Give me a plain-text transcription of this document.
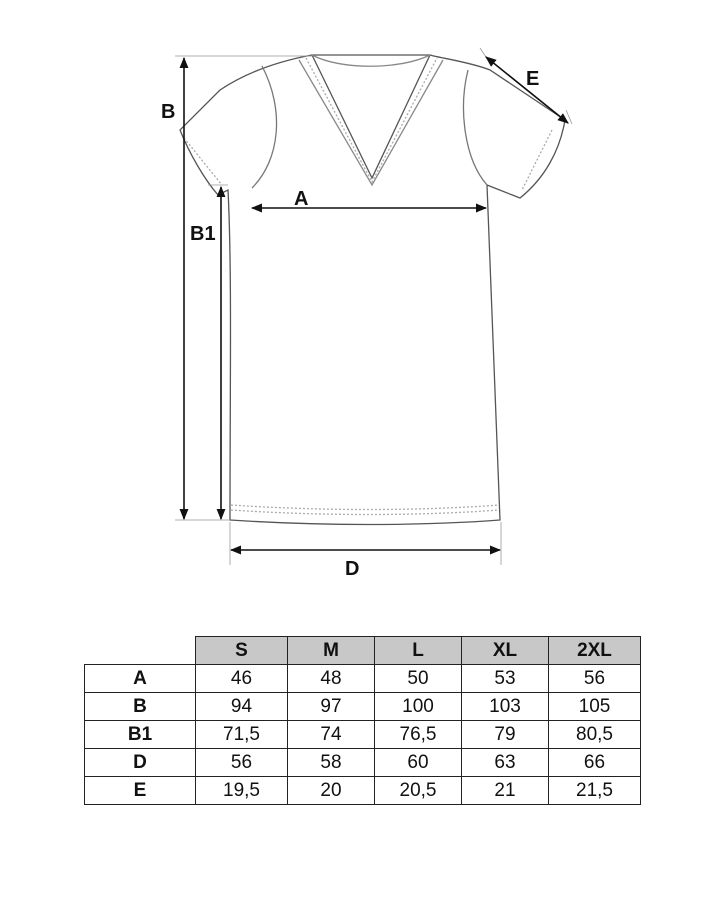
B
B1
A
D
E
	S	M	L	XL	2XL
A	46	48	50	53	56
B	94	97	100	103	105
B1	71,5	74	76,5	79	80,5
D	56	58	60	63	66
E	19,5	20	20,5	21	21,5
